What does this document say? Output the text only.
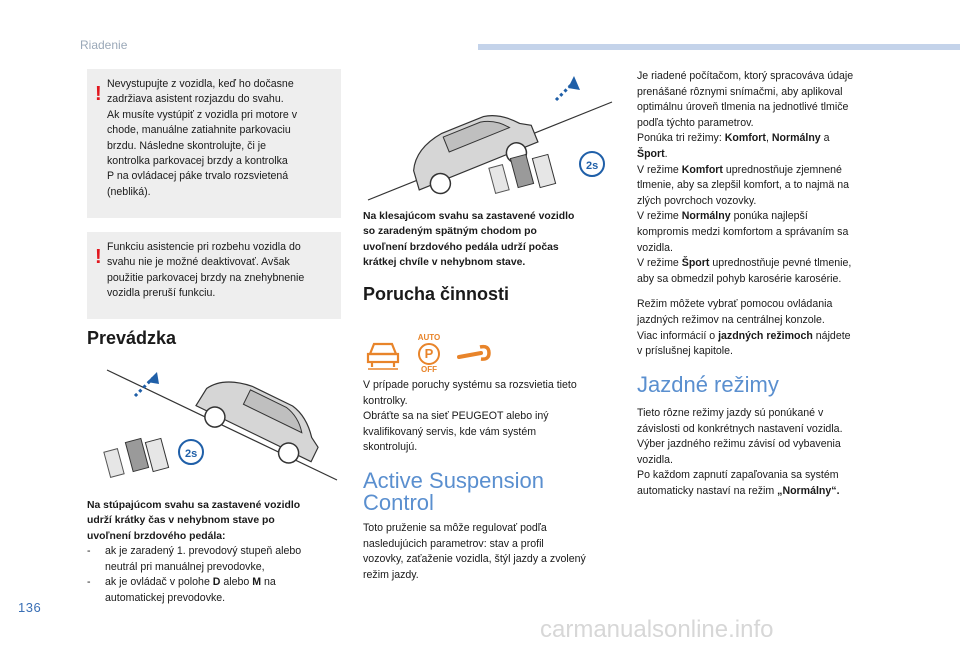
Riadenie
! Nevystupujte z vozidla, keď ho dočasne
zadržiava asistent rozjazdu do svahu.
Ak musíte vystúpiť z vozidla pri motore v
chode, manuálne zatiahnite parkovaciu
brzdu. Následne skontrolujte, či je
kontrolka parkovacej brzdy a kontrolka
P na ovládacej páke trvalo rozsvietená
(nebliká).
! Funkciu asistencie pri rozbehu vozidla do
svahu nie je možné deaktivovať. Avšak
použitie parkovacej brzdy na znehybnenie
vozidla preruší funkciu.
Prevádzka
2s
Na stúpajúcom svahu sa zastavené vozidlo
udrží krátky čas v nehybnom stave po
uvoľnení brzdového pedála:
- ak je zaradený 1. prevodový stupeň alebo
neutrál pri manuálnej prevodovke,
- ak je ovládač v polohe D alebo M na
automatickej prevodovke.
136
2s
Na klesajúcom svahu sa zastavené vozidlo
so zaradeným spätným chodom po
uvoľnení brzdového pedála udrží počas
krátkej chvíle v nehybnom stave.
Porucha činnosti
AUTO
P
OFF
V prípade poruchy systému sa rozsvietia tieto
kontrolky.
Obráťte sa na sieť PEUGEOT alebo iný
kvalifikovaný servis, kde vám systém
skontrolujú.
Active Suspension
Control
Toto pruženie sa môže regulovať podľa
nasledujúcich parametrov: stav a profil
vozovky, zaťaženie vozidla, štýl jazdy a zvolený
režim jazdy.
Je riadené počítačom, ktorý spracováva údaje
prenášané rôznymi snímačmi, aby aplikoval
optimálnu úroveň tlmenia na jednotlivé tlmiče
podľa týchto parametrov.
Ponúka tri režimy: Komfort, Normálny a
Šport.
V režime Komfort uprednostňuje zjemnené
tlmenie, aby sa zlepšil komfort, a to najmä na
zlých povrchoch vozovky.
V režime Normálny ponúka najlepší
kompromis medzi komfortom a správaním sa
vozidla.
V režime Šport uprednostňuje pevné tlmenie,
aby sa obmedzil pohyb karosérie karosérie.
Režim môžete vybrať pomocou ovládania
jazdných režimov na centrálnej konzole.
Viac informácií o jazdných režimoch nájdete
v príslušnej kapitole.
Jazdné režimy
Tieto rôzne režimy jazdy sú ponúkané v
závislosti od konkrétnych nastavení vozidla.
Výber jazdného režimu závisí od vybavenia
vozidla.
Po každom zapnutí zapaľovania sa systém
automaticky nastaví na režim „Normálny“.
carmanualsonline.info
